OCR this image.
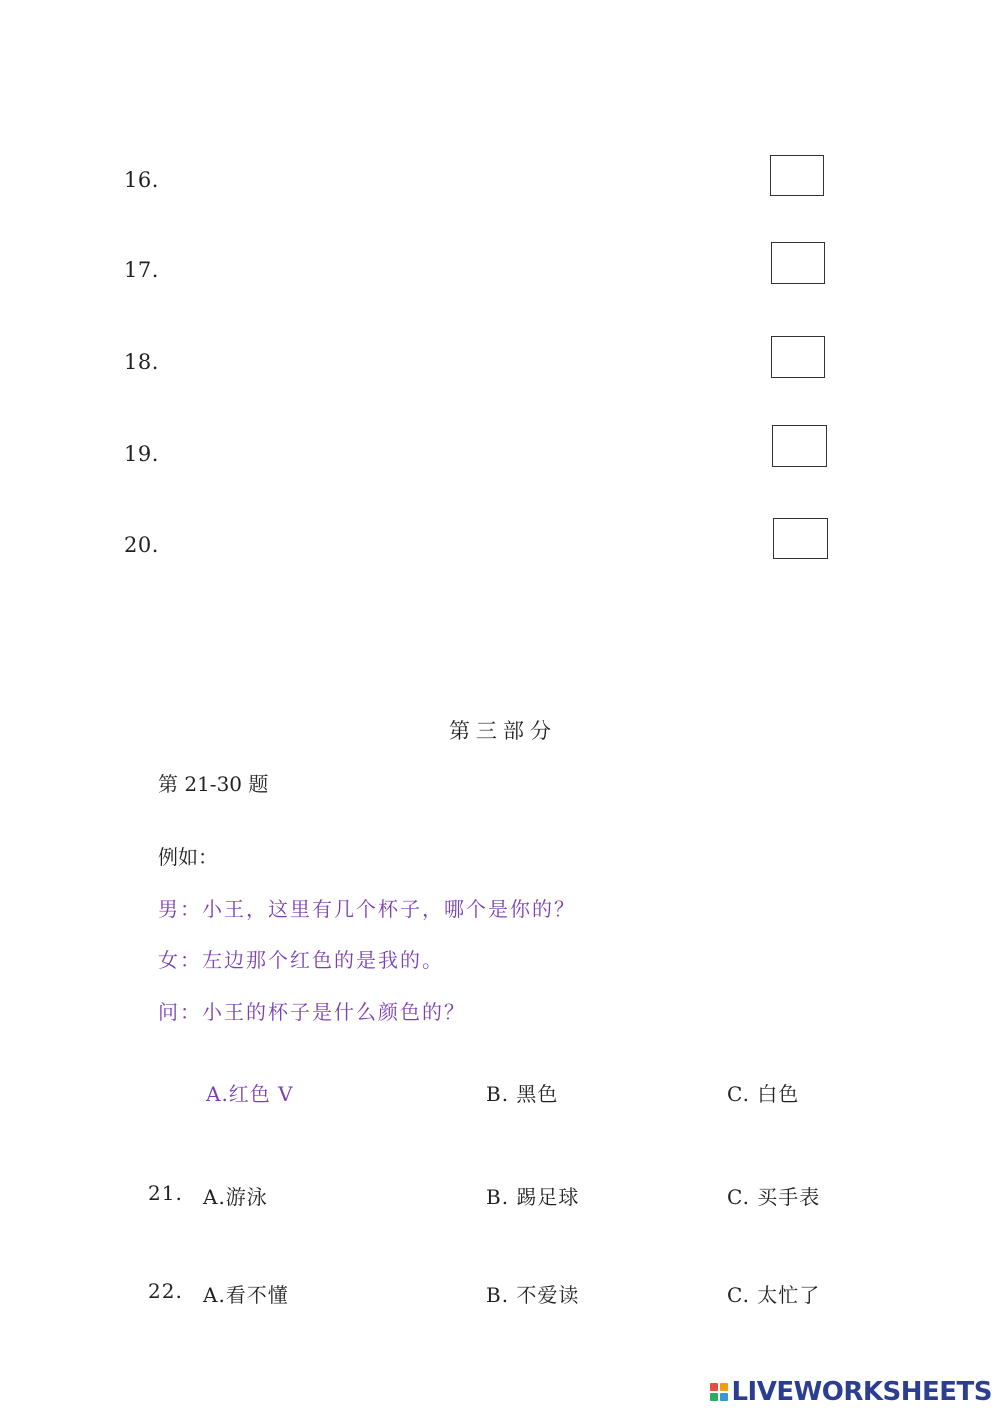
16.
17.
18.
19.
20.
第三部分
第 21-30 题
例如：
男：小王，这里有几个杯子，哪个是你的？
女：左边那个红色的是我的。
问：小王的杯子是什么颜色的？
A.红色 V	B. 黑色	C. 白色
21. A.游泳	B. 踢足球	C. 买手表
22. A.看不懂	B. 不爱读	C. 太忙了
LIVEWORKSHEETS
